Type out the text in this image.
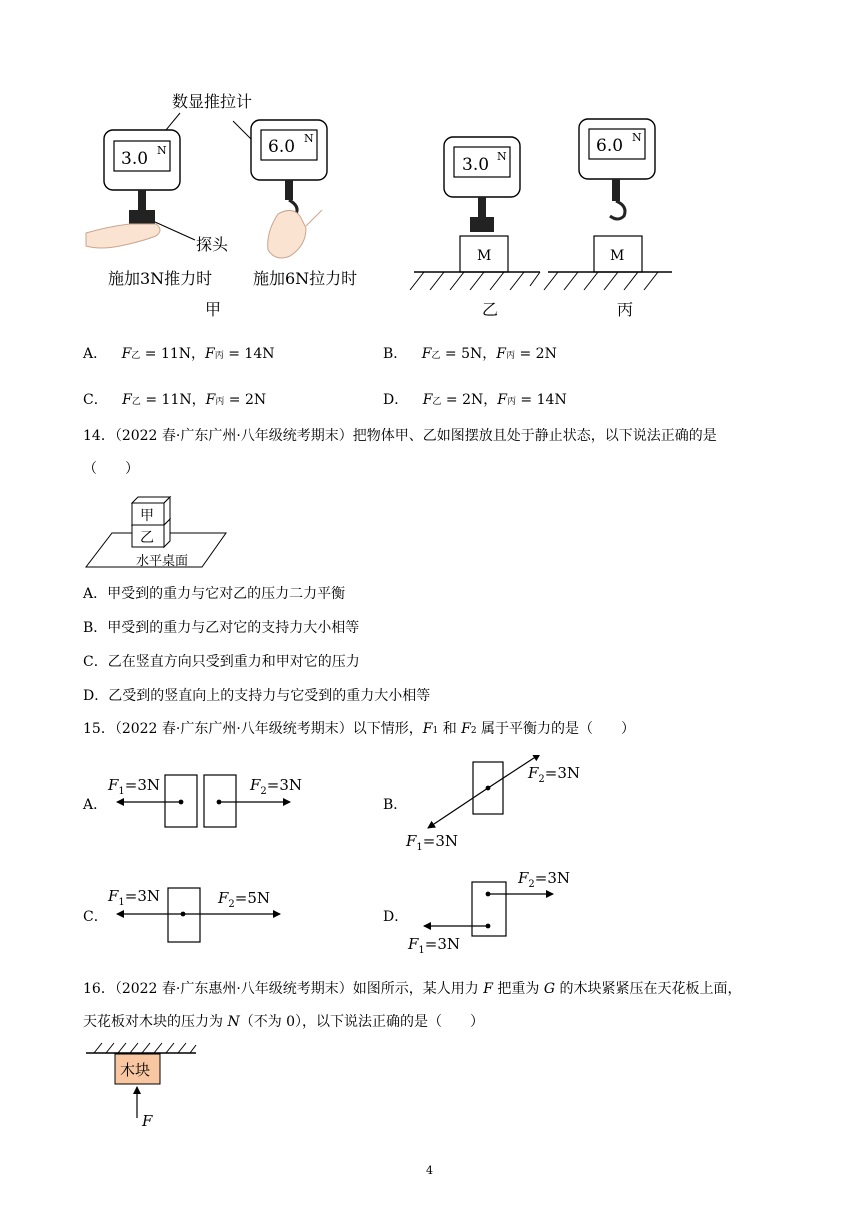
数显推拉计
3.0 N
探头
施加3N推力时
6.0 N
施加6N拉力时
甲
3.0 N
M
乙
6.0 N
M
丙
A． F乙 = 11N，F丙 = 14N	B． F乙 = 5N，F丙 = 2N
C． F乙 = 11N，F丙 = 2N	D． F乙 = 2N，F丙 = 14N
14．（2022 春·广东广州·八年级统考期末）把物体甲、乙如图摆放且处于静止状态，以下说法正确的是
（　　）
甲
乙
水平桌面
A．甲受到的重力与它对乙的压力二力平衡
B．甲受到的重力与乙对它的支持力大小相等
C．乙在竖直方向只受到重力和甲对它的压力
D．乙受到的竖直向上的支持力与它受到的重力大小相等
15．（2022 春·广东广州·八年级统考期末）以下情形，F1 和 F2 属于平衡力的是（　　）
A．	B．
C．	D．
$F_1=3N$	$F_2=3N$
$F_2=3N$
$F_1=3N$
$F_1=3N$	$F_2=5N$
$F_2=3N$
$F_1=3N$
16．（2022 春·广东惠州·八年级统考期末）如图所示，某人用力 F 把重为 G 的木块紧紧压在天花板上面，
天花板对木块的压力为 N（不为 0），以下说法正确的是（　　）
木块
F
4
